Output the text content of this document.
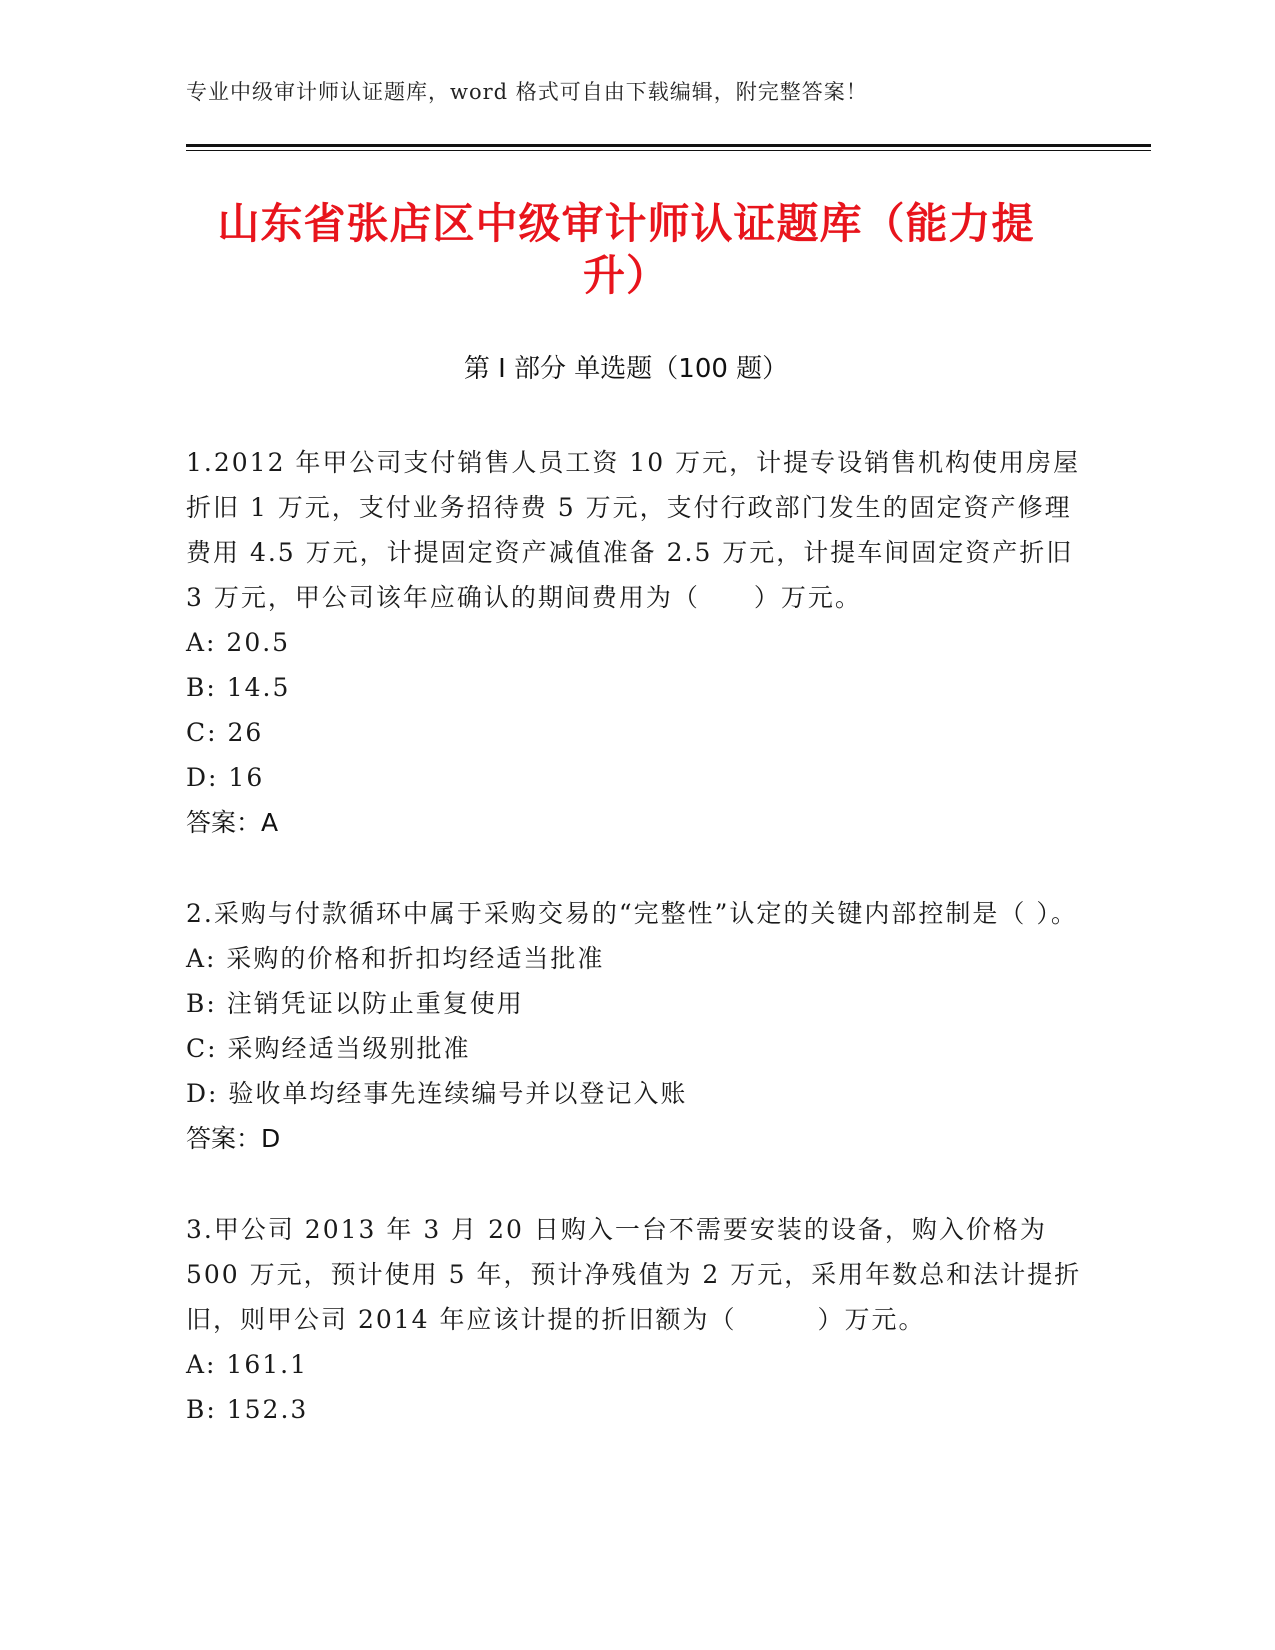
专业中级审计师认证题库，word 格式可自由下载编辑，附完整答案！
山东省张店区中级审计师认证题库（能力提升）
第 I 部分 单选题（100 题）
1.2012 年甲公司支付销售人员工资 10 万元，计提专设销售机构使用房屋折旧 1 万元，支付业务招待费 5 万元，支付行政部门发生的固定资产修理费用 4.5 万元，计提固定资产减值准备 2.5 万元，计提车间固定资产折旧 3 万元，甲公司该年应确认的期间费用为（　　）万元。
A: 20.5
B: 14.5
C: 26
D: 16
答案：A
2.采购与付款循环中属于采购交易的“完整性”认定的关键内部控制是（ ）。
A: 采购的价格和折扣均经适当批准
B: 注销凭证以防止重复使用
C: 采购经适当级别批准
D: 验收单均经事先连续编号并以登记入账
答案：D
3.甲公司 2013 年 3 月 20 日购入一台不需要安装的设备，购入价格为 500 万元，预计使用 5 年，预计净残值为 2 万元，采用年数总和法计提折旧，则甲公司 2014 年应该计提的折旧额为（　　　）万元。
A: 161.1
B: 152.3
